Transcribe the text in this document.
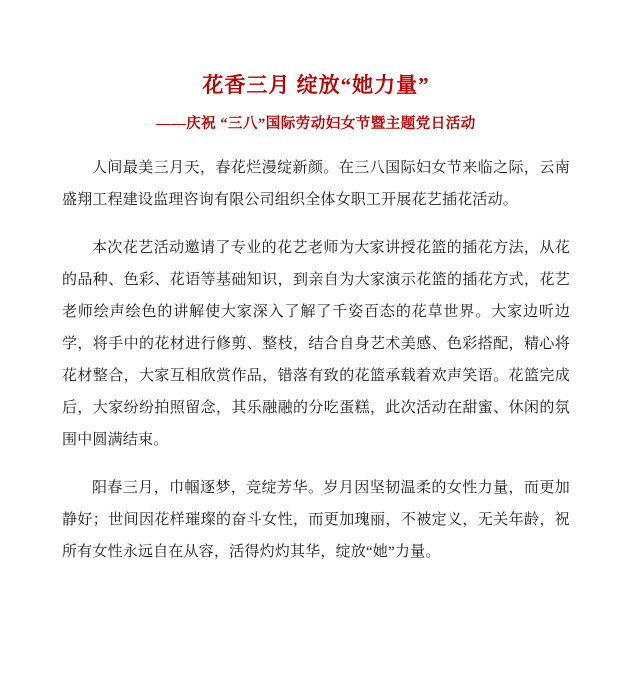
花香三月 绽放“她力量”
——庆祝 “三八”国际劳动妇女节暨主题党日活动

人间最美三月天，春花烂漫绽新颜。在三八国际妇女节来临之际，云南盛翔工程建设监理咨询有限公司组织全体女职工开展花艺插花活动。

本次花艺活动邀请了专业的花艺老师为大家讲授花篮的插花方法，从花的品种、色彩、花语等基础知识，到亲自为大家演示花篮的插花方式，花艺老师绘声绘色的讲解使大家深入了解了千姿百态的花草世界。大家边听边学，将手中的花材进行修剪、整枝，结合自身艺术美感、色彩搭配，精心将花材整合，大家互相欣赏作品，错落有致的花篮承载着欢声笑语。花篮完成后，大家纷纷拍照留念，其乐融融的分吃蛋糕，此次活动在甜蜜、休闲的氛围中圆满结束。

阳春三月，巾帼逐梦，竞绽芳华。岁月因坚韧温柔的女性力量，而更加静好；世间因花样璀璨的奋斗女性，而更加瑰丽，不被定义，无关年龄，祝所有女性永远自在从容，活得灼灼其华，绽放“她”力量。
